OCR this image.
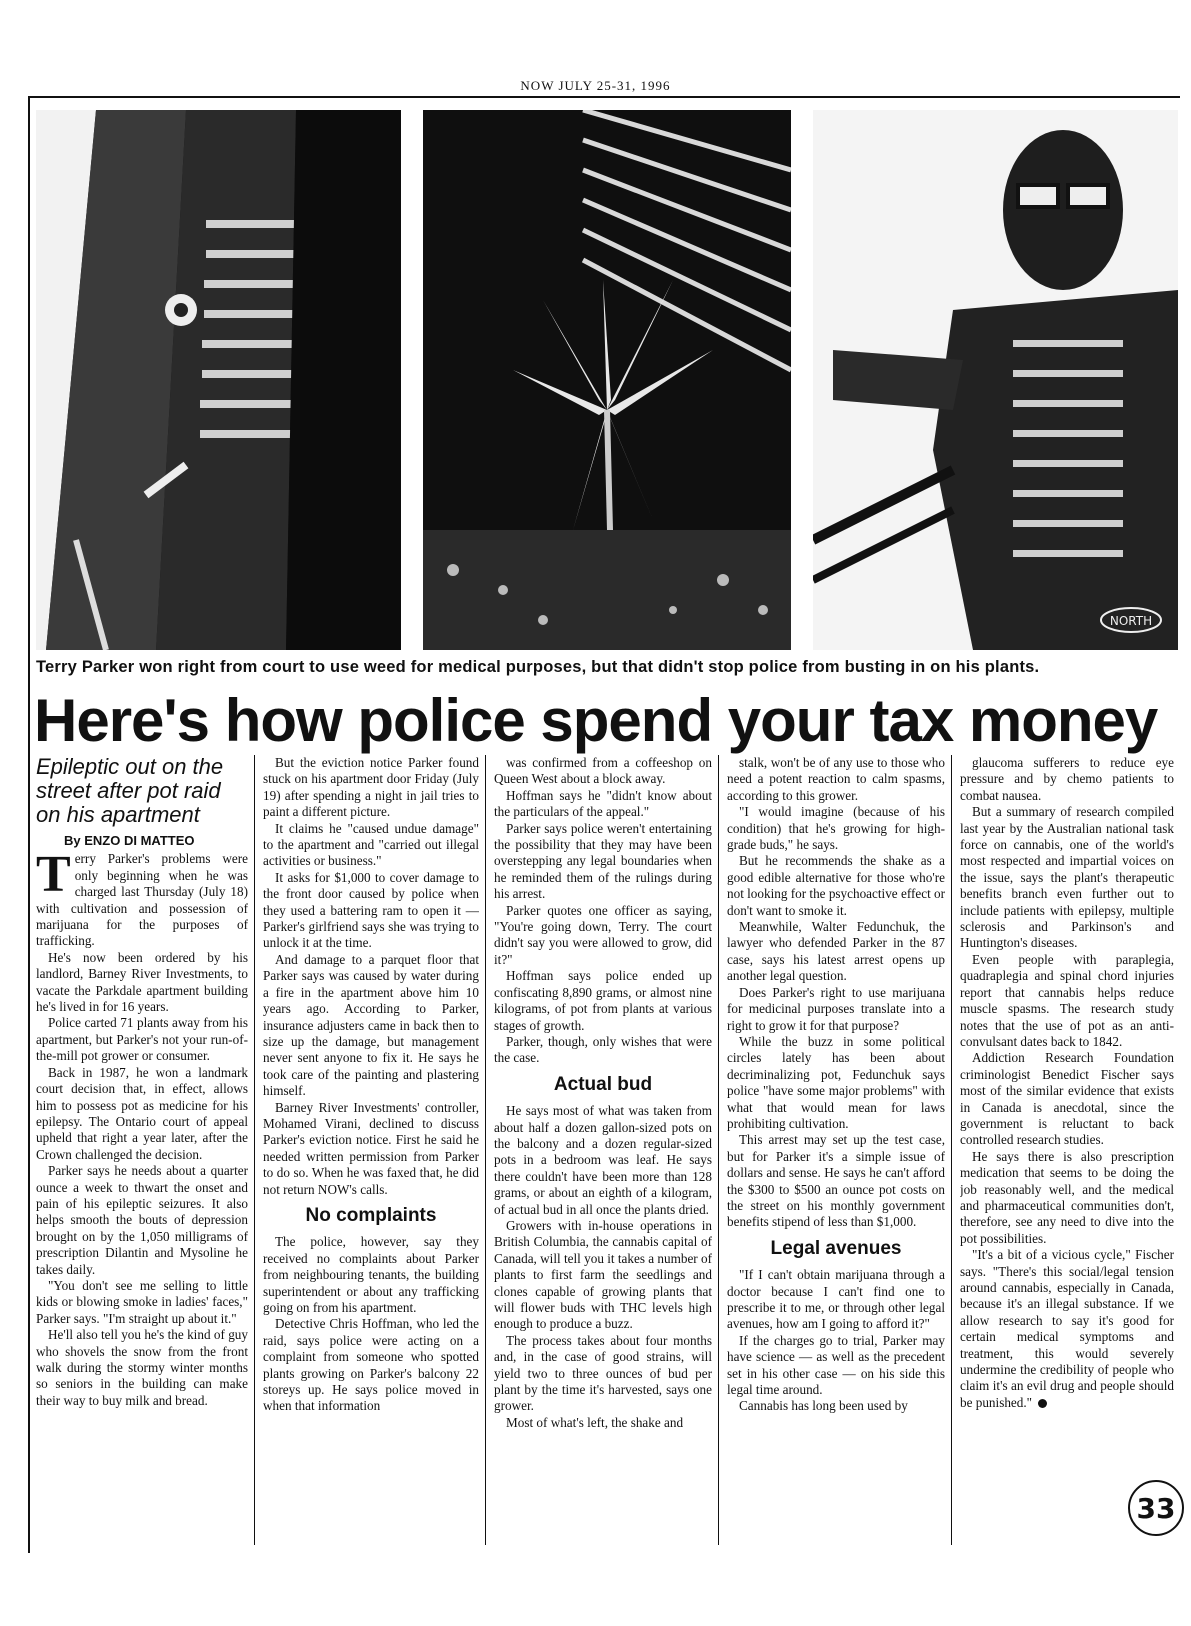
NOW JULY 25-31, 1996
NORTH
Terry Parker won right from court to use weed for medical purposes, but that didn't stop police from busting in on his plants.
Here's how police spend your tax money
Epileptic out on the street after pot raid on his apartment
By ENZO DI MATTEO

Terry Parker's problems were only beginning when he was charged last Thursday (July 18) with cultivation and possession of marijuana for the purposes of trafficking.

He's now been ordered by his landlord, Barney River Investments, to vacate the Parkdale apartment building he's lived in for 16 years.

Police carted 71 plants away from his apartment, but Parker's not your run-of-the-mill pot grower or consumer.

Back in 1987, he won a landmark court decision that, in effect, allows him to possess pot as medicine for his epilepsy. The Ontario court of appeal upheld that right a year later, after the Crown challenged the decision.

Parker says he needs about a quarter ounce a week to thwart the onset and pain of his epileptic seizures. It also helps smooth the bouts of depression brought on by the 1,050 milligrams of prescription Dilantin and Mysoline he takes daily.

"You don't see me selling to little kids or blowing smoke in ladies' faces," Parker says. "I'm straight up about it."

He'll also tell you he's the kind of guy who shovels the snow from the front walk during the stormy winter months so seniors in the building can make their way to buy milk and bread.

But the eviction notice Parker found stuck on his apartment door Friday (July 19) after spending a night in jail tries to paint a different picture.

It claims he "caused undue damage" to the apartment and "carried out illegal activities or business."

It asks for $1,000 to cover damage to the front door caused by police when they used a battering ram to open it — Parker's girlfriend says she was trying to unlock it at the time.

And damage to a parquet floor that Parker says was caused by water during a fire in the apartment above him 10 years ago. According to Parker, insurance adjusters came in back then to size up the damage, but management never sent anyone to fix it. He says he took care of the painting and plastering himself.

Barney River Investments' controller, Mohamed Virani, declined to discuss Parker's eviction notice. First he said he needed written permission from Parker to do so. When he was faxed that, he did not return NOW's calls.

No complaints

The police, however, say they received no complaints about Parker from neighbouring tenants, the building superintendent or about any trafficking going on from his apartment.

Detective Chris Hoffman, who led the raid, says police were acting on a complaint from someone who spotted plants growing on Parker's balcony 22 storeys up. He says police moved in when that information

was confirmed from a coffeeshop on Queen West about a block away.

Hoffman says he "didn't know about the particulars of the appeal."

Parker says police weren't entertaining the possibility that they may have been overstepping any legal boundaries when he reminded them of the rulings during his arrest.

Parker quotes one officer as saying, "You're going down, Terry. The court didn't say you were allowed to grow, did it?"

Hoffman says police ended up confiscating 8,890 grams, or almost nine kilograms, of pot from plants at various stages of growth.

Parker, though, only wishes that were the case.

Actual bud

He says most of what was taken from about half a dozen gallon-sized pots on the balcony and a dozen regular-sized pots in a bedroom was leaf. He says there couldn't have been more than 128 grams, or about an eighth of a kilogram, of actual bud in all once the plants dried.

Growers with in-house operations in British Columbia, the cannabis capital of Canada, will tell you it takes a number of plants to first farm the seedlings and clones capable of growing plants that will flower buds with THC levels high enough to produce a buzz.

The process takes about four months and, in the case of good strains, will yield two to three ounces of bud per plant by the time it's harvested, says one grower.

Most of what's left, the shake and

stalk, won't be of any use to those who need a potent reaction to calm spasms, according to this grower.

"I would imagine (because of his condition) that he's growing for high-grade buds," he says.

But he recommends the shake as a good edible alternative for those who're not looking for the psychoactive effect or don't want to smoke it.

Meanwhile, Walter Fedunchuk, the lawyer who defended Parker in the 87 case, says his latest arrest opens up another legal question.

Does Parker's right to use marijuana for medicinal purposes translate into a right to grow it for that purpose?

While the buzz in some political circles lately has been about decriminalizing pot, Fedunchuk says police "have some major problems" with what that would mean for laws prohibiting cultivation.

This arrest may set up the test case, but for Parker it's a simple issue of dollars and sense. He says he can't afford the $300 to $500 an ounce pot costs on the street on his monthly government benefits stipend of less than $1,000.

Legal avenues

"If I can't obtain marijuana through a doctor because I can't find one to prescribe it to me, or through other legal avenues, how am I going to afford it?"

If the charges go to trial, Parker may have science — as well as the precedent set in his other case — on his side this legal time around.

Cannabis has long been used by

glaucoma sufferers to reduce eye pressure and by chemo patients to combat nausea.

But a summary of research compiled last year by the Australian national task force on cannabis, one of the world's most respected and impartial voices on the issue, says the plant's therapeutic benefits branch even further out to include patients with epilepsy, multiple sclerosis and Parkinson's and Huntington's diseases.

Even people with paraplegia, quadraplegia and spinal chord injuries report that cannabis helps reduce muscle spasms. The research study notes that the use of pot as an anti-convulsant dates back to 1842.

Addiction Research Foundation criminologist Benedict Fischer says most of the similar evidence that exists in Canada is anecdotal, since the government is reluctant to back controlled research studies.

He says there is also prescription medication that seems to be doing the job reasonably well, and the medical and pharmaceutical communities don't, therefore, see any need to dive into the pot possibilities.

"It's a bit of a vicious cycle," Fischer says. "There's this social/legal tension around cannabis, especially in Canada, because it's an illegal substance. If we allow research to say it's good for certain medical symptoms and treatment, this would severely undermine the credibility of people who claim it's an evil drug and people should be punished."

33
